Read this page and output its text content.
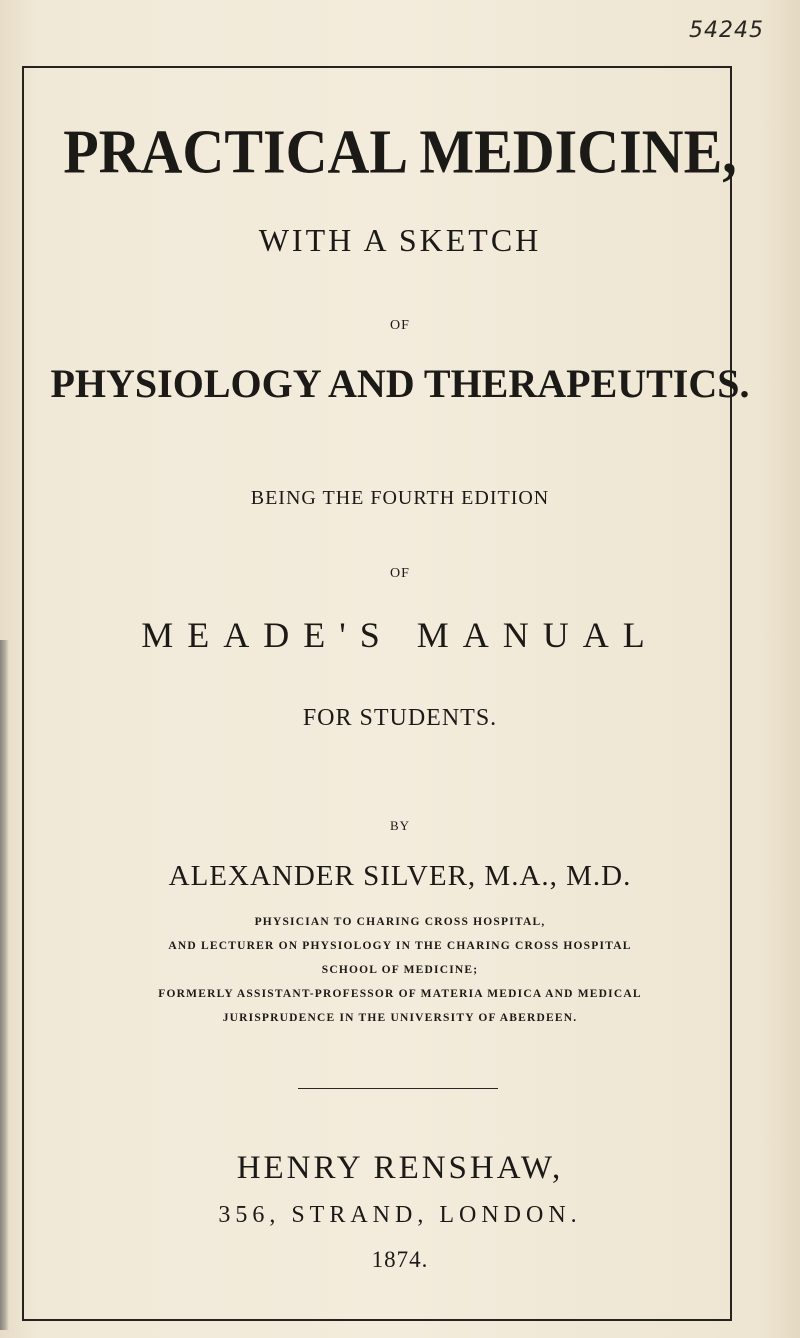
54245
PRACTICAL MEDICINE,
WITH A SKETCH
OF
PHYSIOLOGY AND THERAPEUTICS.
BEING THE FOURTH EDITION
OF
MEADE'S MANUAL
FOR STUDENTS.
BY
ALEXANDER SILVER, M.A., M.D.
PHYSICIAN TO CHARING CROSS HOSPITAL,
AND LECTURER ON PHYSIOLOGY IN THE CHARING CROSS HOSPITAL
SCHOOL OF MEDICINE;
FORMERLY ASSISTANT-PROFESSOR OF MATERIA MEDICA AND MEDICAL
JURISPRUDENCE IN THE UNIVERSITY OF ABERDEEN.
HENRY RENSHAW,
356, STRAND, LONDON.
1874.
